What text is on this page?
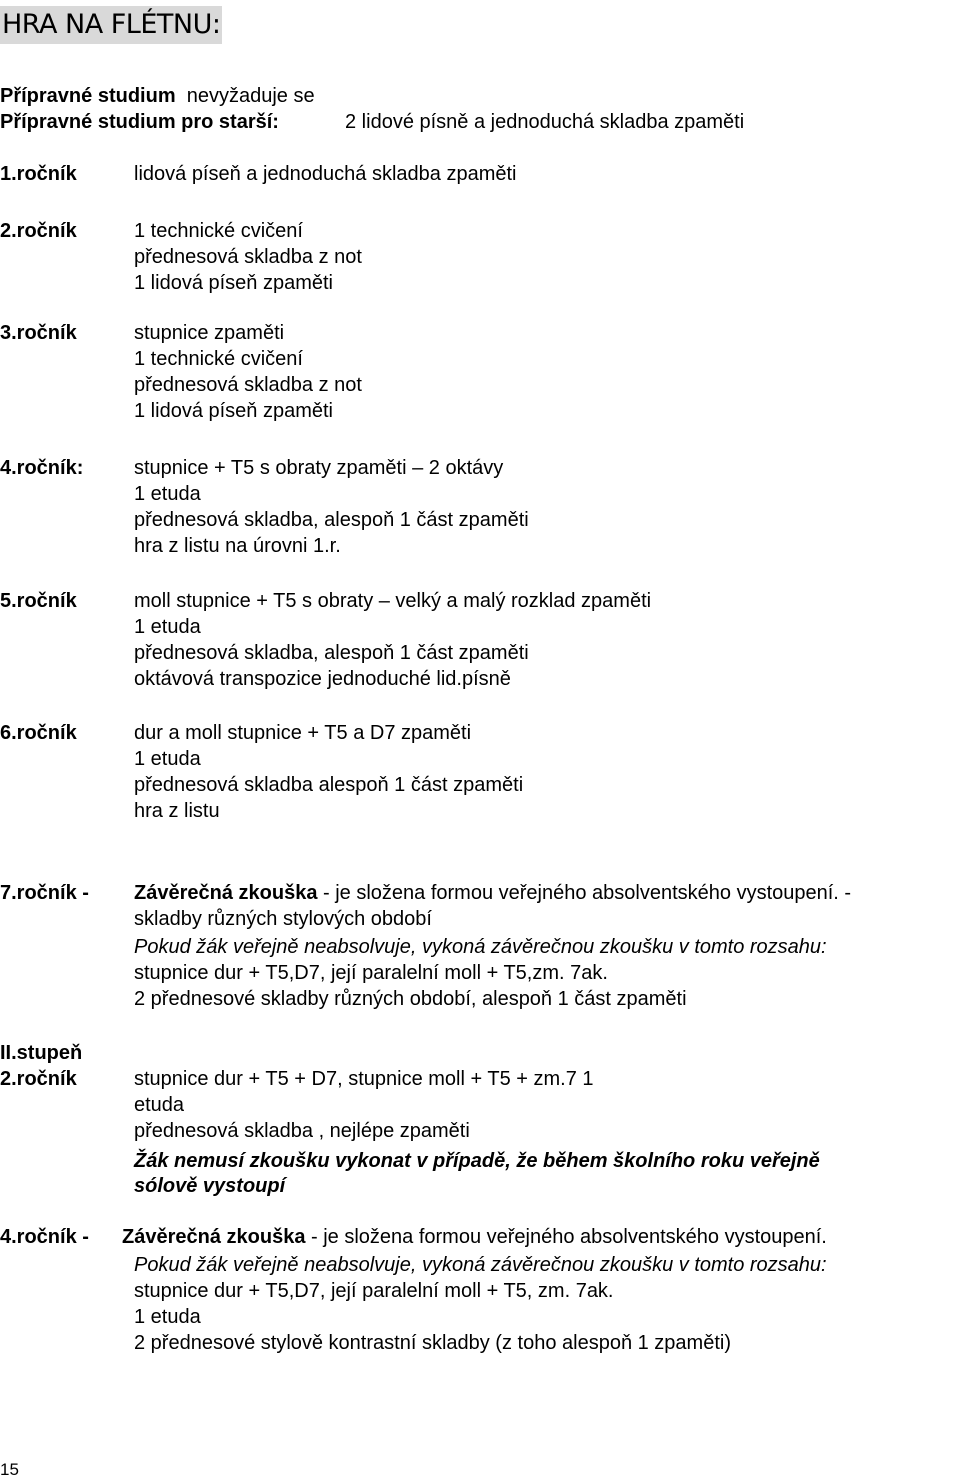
HRA NA FLÉTNU:
Přípravné studium nevyžaduje se
Přípravné studium pro starší:	2 lidové písně a jednoduchá skladba zpaměti
1.ročník	lidová píseň a jednoduchá skladba zpaměti
2.ročník	1 technické cvičení
přednesová skladba z not
1 lidová píseň zpaměti
3.ročník	stupnice zpaměti
1 technické cvičení
přednesová skladba z not
1 lidová píseň zpaměti
4.ročník:	stupnice + T5 s obraty zpaměti – 2 oktávy
1 etuda
přednesová skladba, alespoň 1 část zpaměti
hra z listu na úrovni 1.r.
5.ročník	moll stupnice + T5 s obraty – velký a malý rozklad zpaměti
1 etuda
přednesová skladba, alespoň 1 část zpaměti
oktávová transpozice jednoduché lid.písně
6.ročník	dur a moll stupnice + T5 a D7 zpaměti
1 etuda
přednesová skladba alespoň 1 část zpaměti
hra z listu
7.ročník - Závěrečná zkouška - je složena formou veřejného absolventského vystoupení. -
skladby různých stylových období
Pokud žák veřejně neabsolvuje, vykoná závěrečnou zkoušku v tomto rozsahu:
stupnice dur + T5,D7, její paralelní moll + T5,zm. 7ak.
2 přednesové skladby různých období, alespoň 1 část zpaměti
II.stupeň
2.ročník	stupnice dur + T5 + D7, stupnice moll + T5 + zm.7 1
etuda
přednesová skladba , nejlépe zpaměti
Žák nemusí zkoušku vykonat v případě, že během školního roku veřejně
sólově vystoupí
4.ročník - Závěrečná zkouška - je složena formou veřejného absolventského vystoupení.
Pokud žák veřejně neabsolvuje, vykoná závěrečnou zkoušku v tomto rozsahu:
stupnice dur + T5,D7, její paralelní moll + T5, zm. 7ak.
1 etuda
2 přednesové stylově kontrastní skladby (z toho alespoň 1 zpaměti)
15
